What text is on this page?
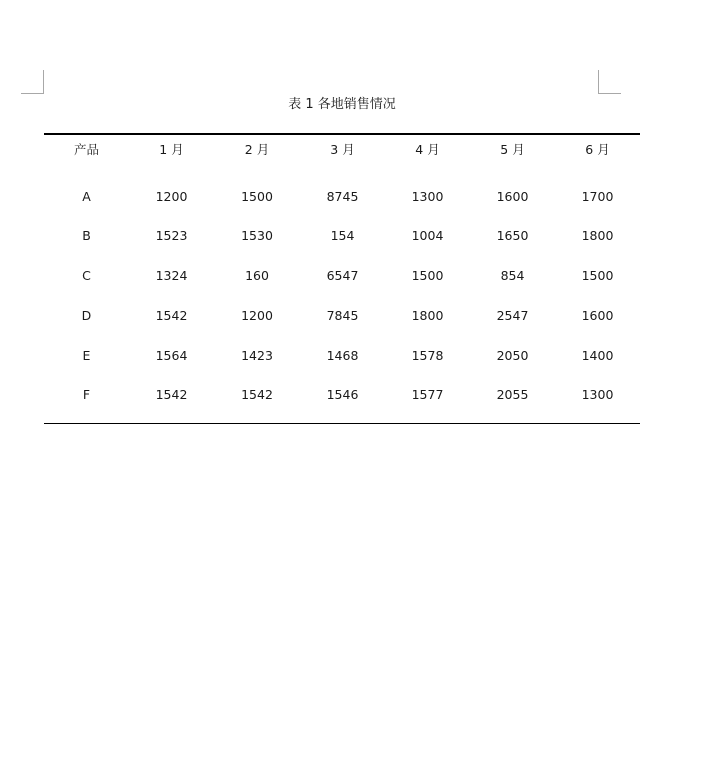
表 1 各地销售情况
产品	1 月	2 月	3 月	4 月	5 月	6 月
A	1200	1500	8745	1300	1600	1700
B	1523	1530	154	1004	1650	1800
C	1324	160	6547	1500	854	1500
D	1542	1200	7845	1800	2547	1600
E	1564	1423	1468	1578	2050	1400
F	1542	1542	1546	1577	2055	1300
